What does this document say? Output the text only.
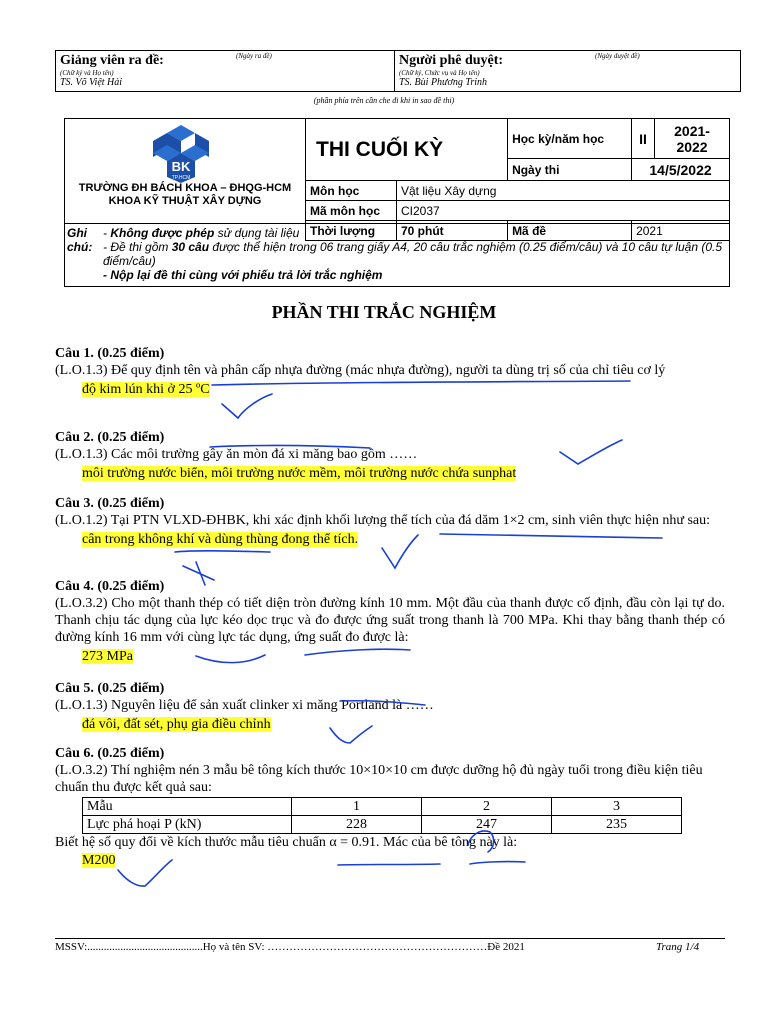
Giảng viên ra đề:	(Ngày ra đề)
(Chữ ký và Họ tên)
TS. Võ Việt Hải
	Người phê duyệt:	(Ngày duyệt đề)
(Chữ ký, Chức vụ và Họ tên)
TS. Bùi Phương Trinh
(phần phía trên cần che đi khi in sao đề thi)
BK
TP.HCM
TRƯỜNG ĐH BÁCH KHOA – ĐHQG-HCM
KHOA KỸ THUẬT XÂY DỰNG
THI CUỐI KỲ		Học kỳ/năm học	II	2021-2022
		Ngày thi	14/5/2022	
Môn học	Vật liệu Xây dựng			
Mã môn học	CI2037			
Thời lượng	70 phút	Mã đề	2021	
Ghi chú:
- Không được phép sử dụng tài liệu
- Đề thi gồm 30 câu được thể hiện trong 06 trang giấy A4, 20 câu trắc nghiệm (0.25 điểm/câu) và 10 câu tự luận (0.5 điểm/câu)
- Nộp lại đề thi cùng với phiếu trả lời trắc nghiệm
PHẦN THI TRẮC NGHIỆM
Câu 1. (0.25 điểm)
(L.O.1.3) Để quy định tên và phân cấp nhựa đường (mác nhựa đường), người ta dùng trị số của chỉ tiêu cơ lý
độ kim lún khi ở 25 ºC
Câu 2. (0.25 điểm)
(L.O.1.3) Các môi trường gây ăn mòn đá xi măng bao gồm ……
môi trường nước biển, môi trường nước mềm, môi trường nước chứa sunphat
Câu 3. (0.25 điểm)
(L.O.1.2) Tại PTN VLXD-ĐHBK, khi xác định khối lượng thể tích của đá dăm 1×2 cm, sinh viên thực hiện như sau:
cân trong không khí và dùng thùng đong thể tích.
Câu 4. (0.25 điểm)
(L.O.3.2) Cho một thanh thép có tiết diện tròn đường kính 10 mm. Một đầu của thanh được cố định, đầu còn lại tự do. Thanh chịu tác dụng của lực kéo dọc trục và đo được ứng suất trong thanh là 700 MPa. Khi thay bằng thanh thép có đường kính 16 mm với cùng lực tác dụng, ứng suất đo được là:
273 MPa
Câu 5. (0.25 điểm)
(L.O.1.3) Nguyên liệu để sản xuất clinker xi măng Portland là ……
đá vôi, đất sét, phụ gia điều chỉnh
Câu 6. (0.25 điểm)
(L.O.3.2) Thí nghiệm nén 3 mẫu bê tông kích thước 10×10×10 cm được dưỡng hộ đủ ngày tuổi trong điều kiện tiêu chuẩn thu được kết quả sau:
Mẫu	1	2	3
Lực phá hoại P (kN)	228	247	235
Biết hệ số quy đổi về kích thước mẫu tiêu chuẩn α = 0.91. Mác của bê tông này là:
M200
MSSV:..........................................Họ và tên SV: ……………………………………………………Đề 2021	Trang 1/4
